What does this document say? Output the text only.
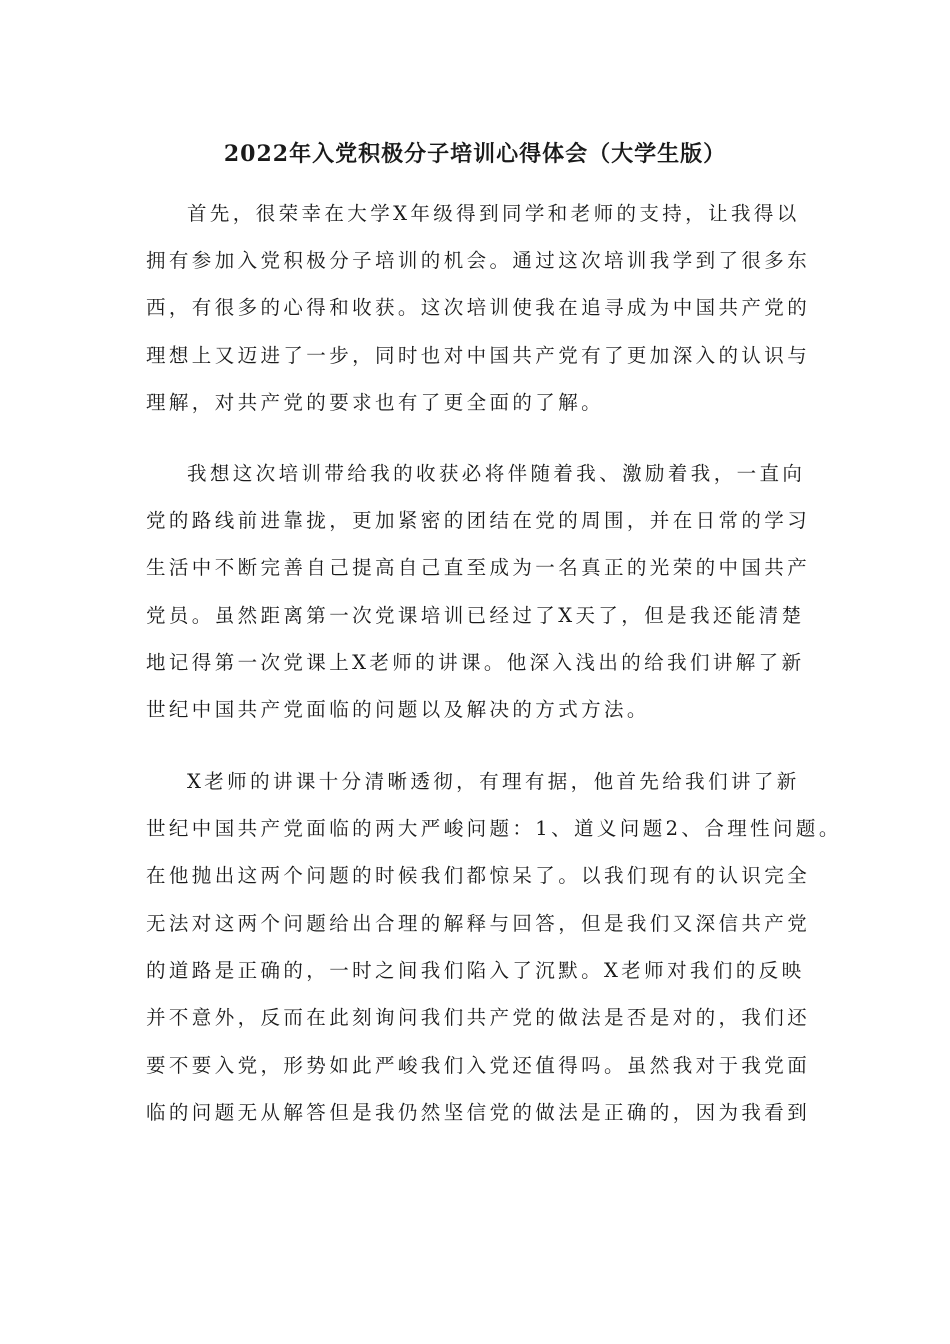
2022年入党积极分子培训心得体会（大学生版）
首先，很荣幸在大学X年级得到同学和老师的支持，让我得以
拥有参加入党积极分子培训的机会。通过这次培训我学到了很多东
西，有很多的心得和收获。这次培训使我在追寻成为中国共产党的
理想上又迈进了一步，同时也对中国共产党有了更加深入的认识与
理解，对共产党的要求也有了更全面的了解。
我想这次培训带给我的收获必将伴随着我、激励着我，一直向
党的路线前进靠拢，更加紧密的团结在党的周围，并在日常的学习
生活中不断完善自己提高自己直至成为一名真正的光荣的中国共产
党员。虽然距离第一次党课培训已经过了X天了，但是我还能清楚
地记得第一次党课上X老师的讲课。他深入浅出的给我们讲解了新
世纪中国共产党面临的问题以及解决的方式方法。
X老师的讲课十分清晰透彻，有理有据，他首先给我们讲了新
世纪中国共产党面临的两大严峻问题：1、道义问题2、合理性问题。
在他抛出这两个问题的时候我们都惊呆了。以我们现有的认识完全
无法对这两个问题给出合理的解释与回答，但是我们又深信共产党
的道路是正确的，一时之间我们陷入了沉默。X老师对我们的反映
并不意外，反而在此刻询问我们共产党的做法是否是对的，我们还
要不要入党，形势如此严峻我们入党还值得吗。虽然我对于我党面
临的问题无从解答但是我仍然坚信党的做法是正确的，因为我看到
